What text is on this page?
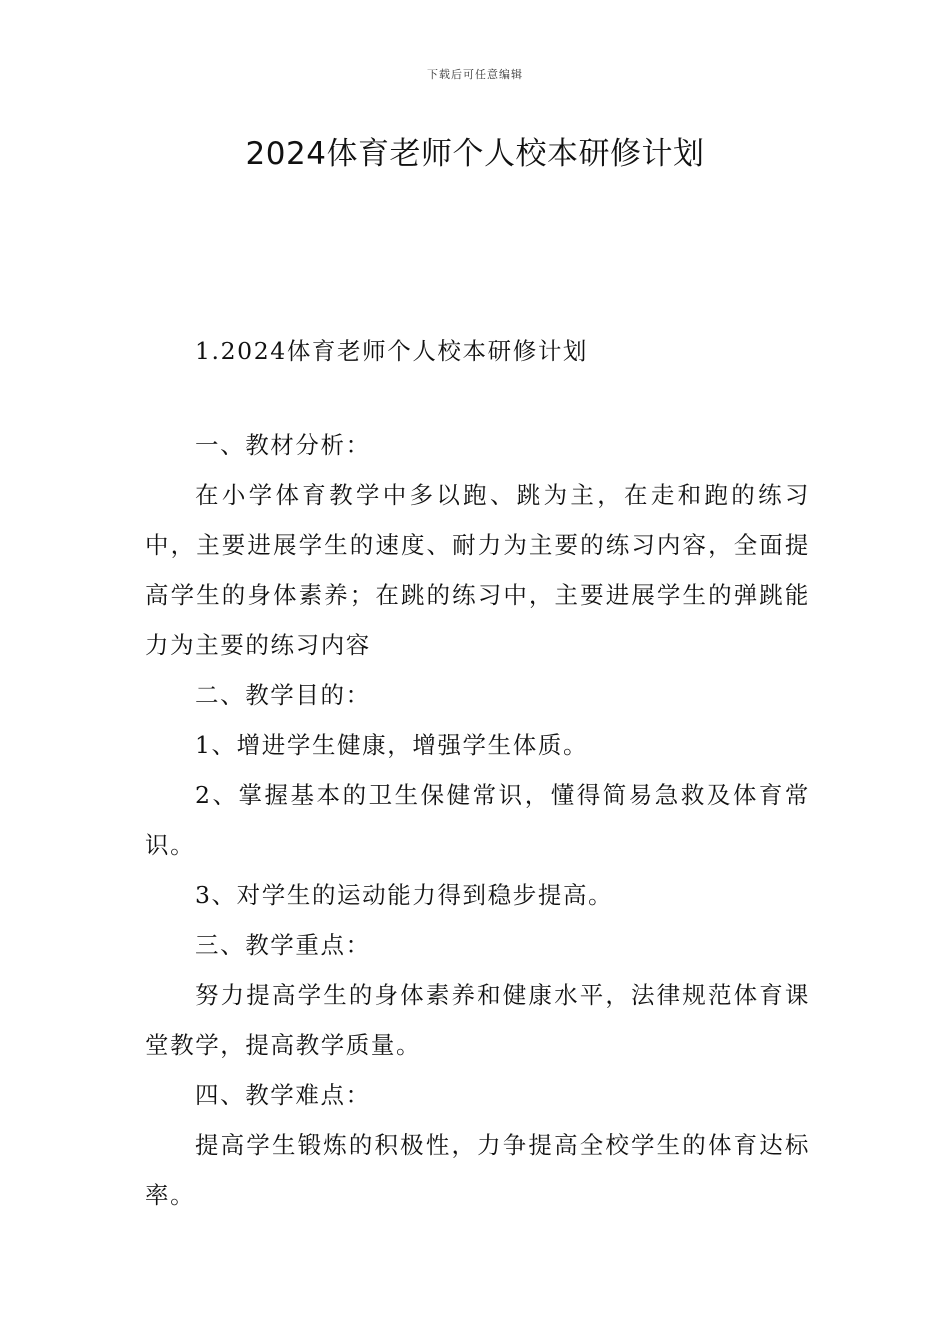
下载后可任意编辑
2024体育老师个人校本研修计划

1.2024体育老师个人校本研修计划

一、教材分析：

在小学体育教学中多以跑、跳为主，在走和跑的练习中，主要进展学生的速度、耐力为主要的练习内容，全面提高学生的身体素养；在跳的练习中，主要进展学生的弹跳能力为主要的练习内容

二、教学目的：

1、增进学生健康，增强学生体质。

2、掌握基本的卫生保健常识，懂得简易急救及体育常识。

3、对学生的运动能力得到稳步提高。

三、教学重点：

努力提高学生的身体素养和健康水平，法律规范体育课堂教学，提高教学质量。

四、教学难点：

提高学生锻炼的积极性，力争提高全校学生的体育达标率。
